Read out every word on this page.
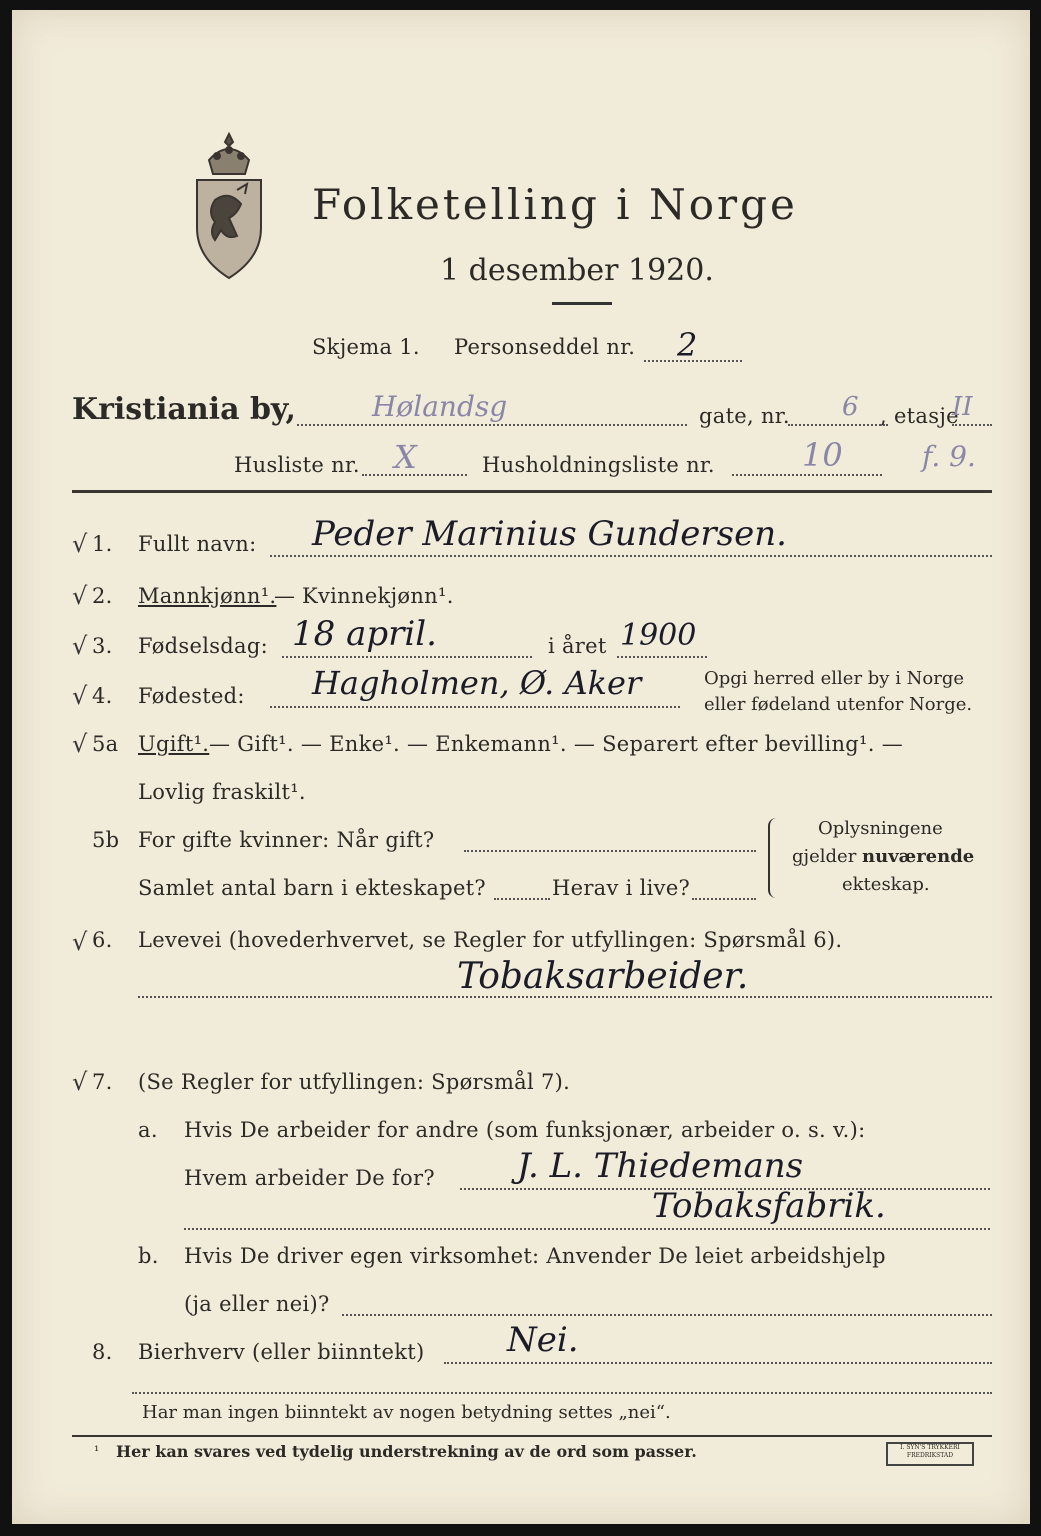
Folketelling i Norge
1 desember 1920.
Skjema 1. Personseddel nr. 2
Kristiania by,	Hølandsg	gate, nr. 6 , etasje
II
Husliste nr. X	Husholdningsliste nr.	10	f. 9.
√ 1. Fullt navn: Peder Marinius Gundersen.
√ 2. Mannkjønn¹.
— Kvinnekjønn¹.
√ 3. Fødselsdag: 18 april.	i året 1900
√ 4. Fødested: Hagholmen, Ø. Aker	Opgi herred eller by i Norge
eller fødeland utenfor Norge.
√ 5a Ugift¹. — Gift¹. — Enke¹. — Enkemann¹. — Separert efter bevilling¹. —
Lovlig fraskilt¹.
5b For gifte kvinner: Når gift?
Samlet antal barn i ekteskapet?	Herav i live?
Oplysningene
gjelder nuværende
ekteskap.
√ 6. Levevei (hovederhvervet, se Regler for utfyllingen: Spørsmål 6).
Tobaksarbeider.
√ 7. (Se Regler for utfyllingen: Spørsmål 7).
a. Hvis De arbeider for andre (som funksjonær, arbeider o. s. v.):
Hvem arbeider De for? J. L. Thiedemans
Tobaksfabrik.
b. Hvis De driver egen virksomhet: Anvender De leiet arbeidshjelp
(ja eller nei)?
8. Bierhverv (eller biinntekt) Nei.
Har man ingen biinntekt av nogen betydning settes „nei“.
¹ Her kan svares ved tydelig understrekning av de ord som passer.	I. SYN'S TRYKKERI
FREDRIKSTAD
